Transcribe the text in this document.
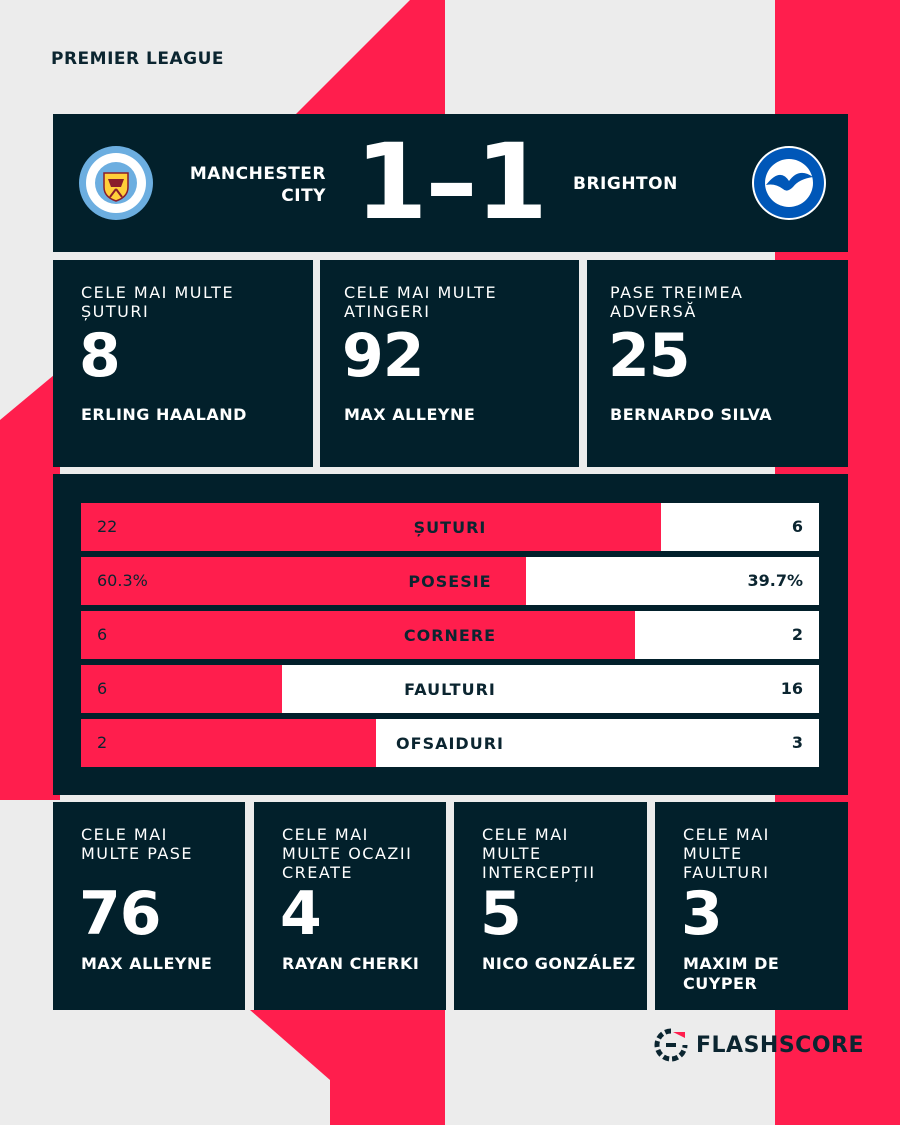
PREMIER LEAGUE
MANCHESTER CITY 1–1 BRIGHTON
CELE MAI MULTE ȘUTURI
8
ERLING HAALAND
CELE MAI MULTE ATINGERI
92
MAX ALLEYNE
PASE TREIMEA ADVERSĂ
25
BERNARDO SILVA
22	ȘUTURI	6
60.3%	POSESIE	39.7%
6	CORNERE	2
6	FAULTURI	16
2	OFSAIDURI	3
CELE MAI MULTE PASE
76
MAX ALLEYNE
CELE MAI MULTE OCAZII CREATE
4
RAYAN CHERKI
CELE MAI MULTE INTERCEPȚII
5
NICO GONZÁLEZ
CELE MAI MULTE FAULTURI
3
MAXIM DE CUYPER
FLASHSCORE
